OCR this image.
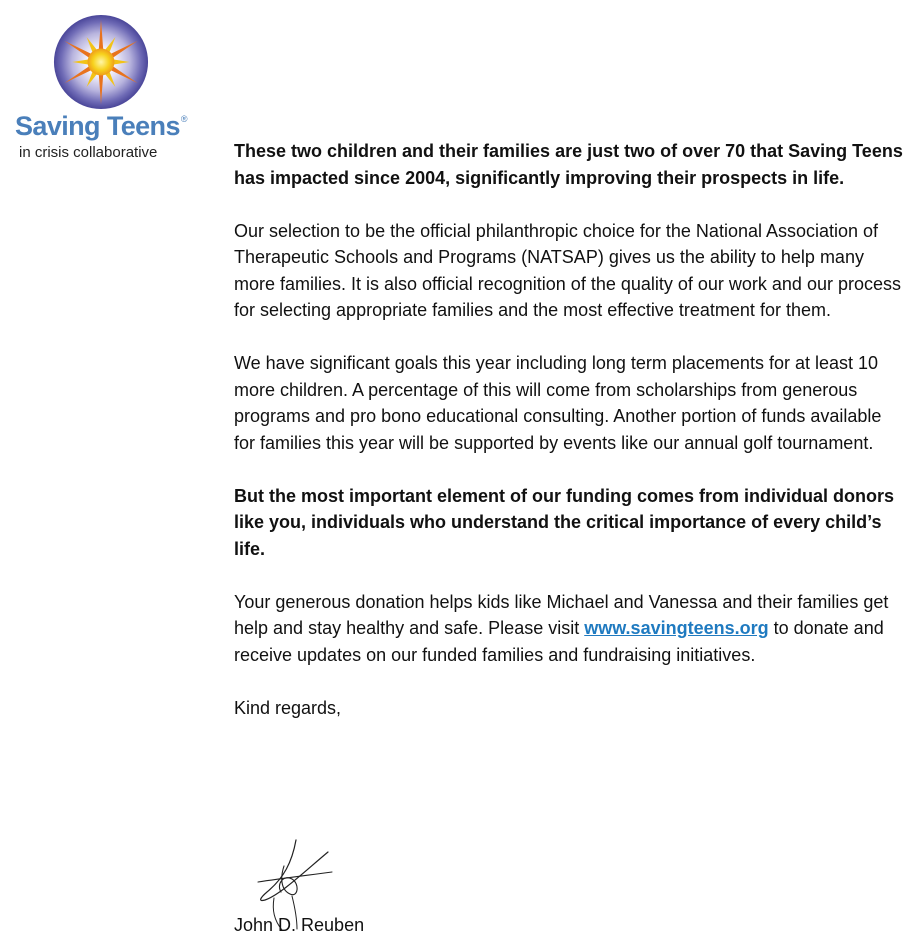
Saving Teens®
in crisis collaborative	These two children and their families are just two of over 70 that Saving Teens has impacted since 2004, significantly improving their prospects in life.

Our selection to be the official philanthropic choice for the National Association of Therapeutic Schools and Programs (NATSAP) gives us the ability to help many more families. It is also official recognition of the quality of our work and our process for selecting appropriate families and the most effective treatment for them.

We have significant goals this year including long term placements for at least 10 more children. A percentage of this will come from scholarships from generous programs and pro bono educational consulting. Another portion of funds available for families this year will be supported by events like our annual golf tournament.

But the most important element of our funding comes from individual donors like you, individuals who understand the critical importance of every child’s life.

Your generous donation helps kids like Michael and Vanessa and their families get help and stay healthy and safe. Please visit www.savingteens.org to donate and receive updates on our funded families and fundraising initiatives.

Kind regards,

John D. Reuben
